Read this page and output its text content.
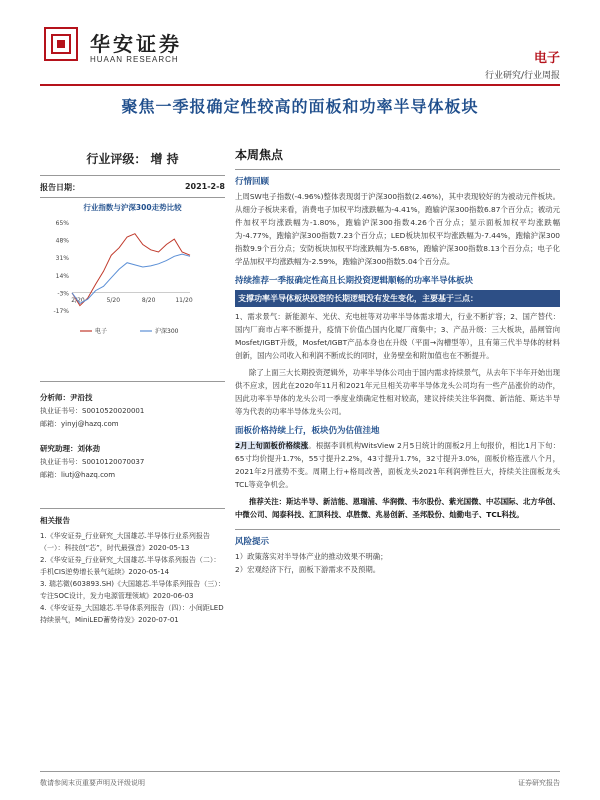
华安证券
HUAAN RESEARCH	电子
行业研究/行业周报
聚焦一季报确定性较高的面板和功率半导体板块
行业评级： 增 持
报告日期：	2021-2-8
行业指数与沪深300走势比较
65%
48%
31%
14%
-3%
-17%
2/20	5/20	8/20	11/20
电子	沪深300
分析师：尹沿技
执业证书号：S0010520020001
邮箱：yinyj@hazq.com
研究助理：刘体劲
执业证书号：S0010120070037
邮箱：liutj@hazq.com
相关报告
1.《华安证券_行业研究_大国雄芯.半导体行业系列报告（一）：科技创“芯”，时代最强音》2020-05-13
2.《华安证券_行业研究_大国雄芯.半导体系列报告（二）：手机CIS逆势增长景气延续》2020-05-14
3. 瑞芯微(603893.SH)《大国雄芯.半导体系列报告（三）：专注SOC设计，发力电源管理领域》2020-06-03
4.《华安证券_大国雄芯.半导体系列报告（四）：小间距LED持续景气，MiniLED蓄势待发》2020-07-01
本周焦点
行情回顾
上周SW电子指数(-4.96%)整体表现弱于沪深300指数(2.46%)，其中表现较好的为被动元件板块。从细分子板块来看，消费电子加权平均涨跌幅为-4.41%，跑输沪深300指数6.87个百分点；被动元件加权平均涨跌幅为-1.80%，跑输沪深300指数4.26个百分点；显示面板加权平均涨跌幅为-4.77%，跑输沪深300指数7.23个百分点；LED板块加权平均涨跌幅为-7.44%，跑输沪深300指数9.9个百分点；安防板块加权平均涨跌幅为-5.68%，跑输沪深300指数8.13个百分点；电子化学品加权平均涨跌幅为-2.59%，跑输沪深300指数5.04个百分点。
持续推荐一季报确定性高且长期投资逻辑顺畅的功率半导体板块
支撑功率半导体板块投资的长期逻辑没有发生变化，主要基于三点：
1、需求景气：新能源车、光伏、充电桩等对功率半导体需求增大，行业不断扩容；2、国产替代：国内厂商市占率不断提升，疫情下价值凸国内化厦厂商集中；3、产品升级：三大板块，晶闸管向Mosfet/IGBT升级，Mosfet/IGBT产品本身也在升级（平面→沟槽型等），且有第三代半导体的材料创新，国内公司收入和利润不断成长的同时，业务壁垒和附加值也在不断提升。
除了上面三大长期投资逻辑外，功率半导体公司由于国内需求持续景气，从去年下半年开始出现供不应求，因此在2020年11月和2021年元旦相关功率半导体龙头公司均有一些产品涨价的动作，因此功率半导体的龙头公司一季度业绩确定性相对较高，建议持续关注华润微、新洁能、斯达半导等为代表的功率半导体龙头公司。
面板价格持续上行，板块仍为估值洼地
2月上旬面板价格续涨。根据李训机构WitsView 2月5日统计的面板2月上旬报价，相比1月下旬：65寸均价提升1.7%，55寸提升2.2%，43寸提升1.7%，32寸提升3.0%，面板价格连涨八个月，2021年2月涨势不变。周期上行+格局改善，面板龙头2021年利润弹性巨大，持续关注面板龙头TCL等竞争机会。
推荐关注：斯达半导、新洁能、恩瑞浦、华润微、韦尔股份、紫光国微、中芯国际、北方华创、中微公司、闻泰科技、汇顶科技、卓胜微、兆易创新、圣邦股份、灿勤电子、TCL科技。
风险提示
1）政策落实对半导体产业的推动效果不明确；
2）宏观经济下行，面板下游需求不及预期。
敬请参阅末页重要声明及评级说明	证券研究报告
